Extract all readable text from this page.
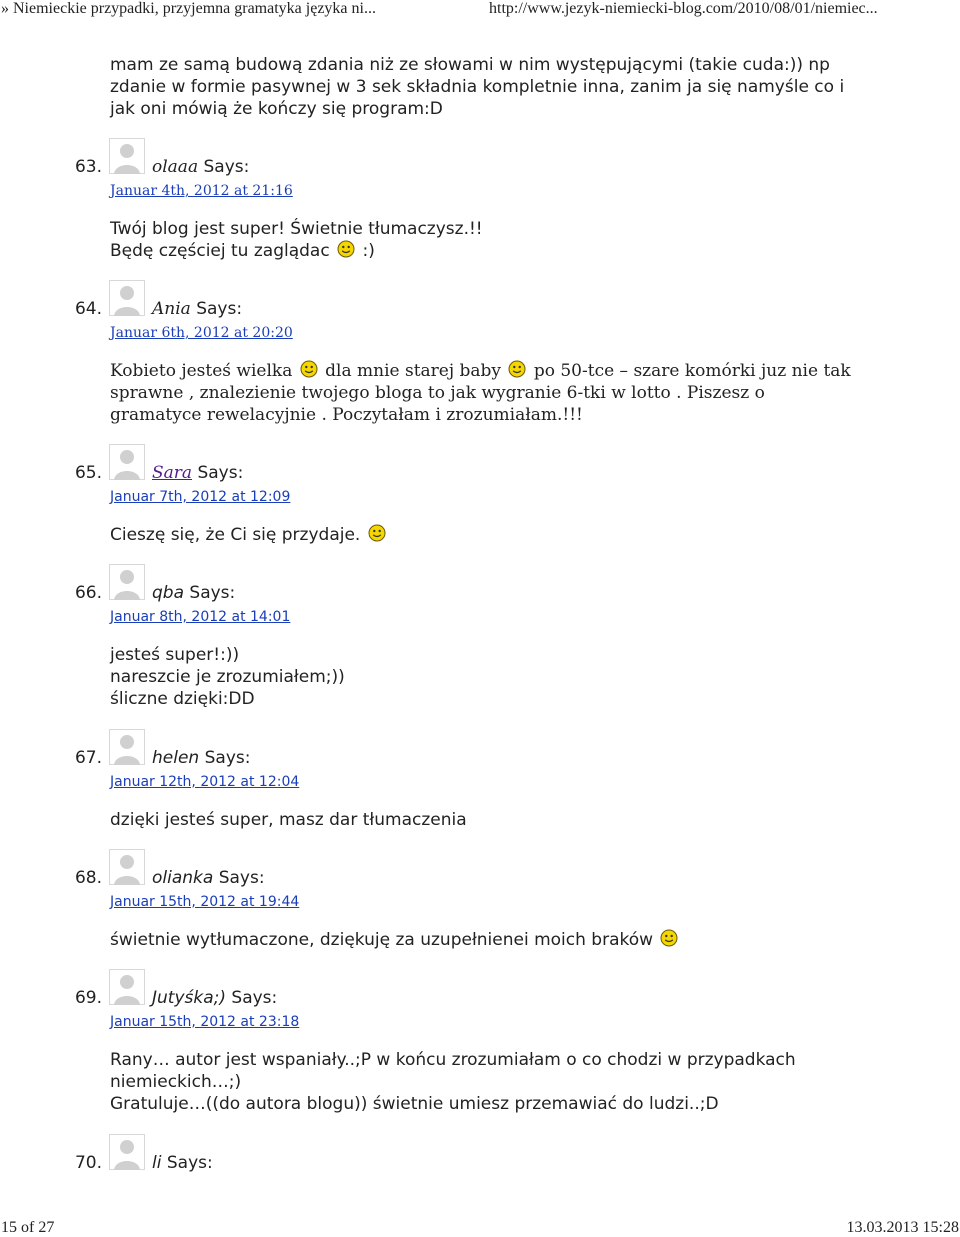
» Niemieckie przypadki, przyjemna gramatyka języka ni...	http://www.jezyk-niemiecki-blog.com/2010/08/01/niemiec...
mam ze samą budową zdania niż ze słowami w nim występującymi (takie cuda:)) np
zdanie w formie pasywnej w 3 sek składnia kompletnie inna, zanim ja się namyśle co i
jak oni mówią że kończy się program:D
63.	olaaa Says:
Januar 4th, 2012 at 21:16
Twój blog jest super! Świetnie tłumaczysz.!!
Będę częściej tu zaglądac :)
64.	Ania Says:
Januar 6th, 2012 at 20:20
Kobieto jesteś wielka dla mnie starej baby po 50-tce – szare komórki juz nie tak
sprawne , znalezienie twojego bloga to jak wygranie 6-tki w lotto . Piszesz o
gramatyce rewelacyjnie . Poczytałam i zrozumiałam.!!!
65.	Sara Says:
Januar 7th, 2012 at 12:09
Cieszę się, że Ci się przydaje.
66.	qba Says:
Januar 8th, 2012 at 14:01
jesteś super!:))
nareszcie je zrozumiałem;))
śliczne dzięki:DD
67.	helen Says:
Januar 12th, 2012 at 12:04
dzięki jesteś super, masz dar tłumaczenia
68.	olianka Says:
Januar 15th, 2012 at 19:44
świetnie wytłumaczone, dziękuję za uzupełnienei moich braków
69.	Jutyśka;) Says:
Januar 15th, 2012 at 23:18
Rany… autor jest wspaniały..;P w końcu zrozumiałam o co chodzi w przypadkach
niemieckich…;)
Gratuluje…((do autora blogu)) świetnie umiesz przemawiać do ludzi..;D
70.	li Says:
15 of 27	13.03.2013 15:28
